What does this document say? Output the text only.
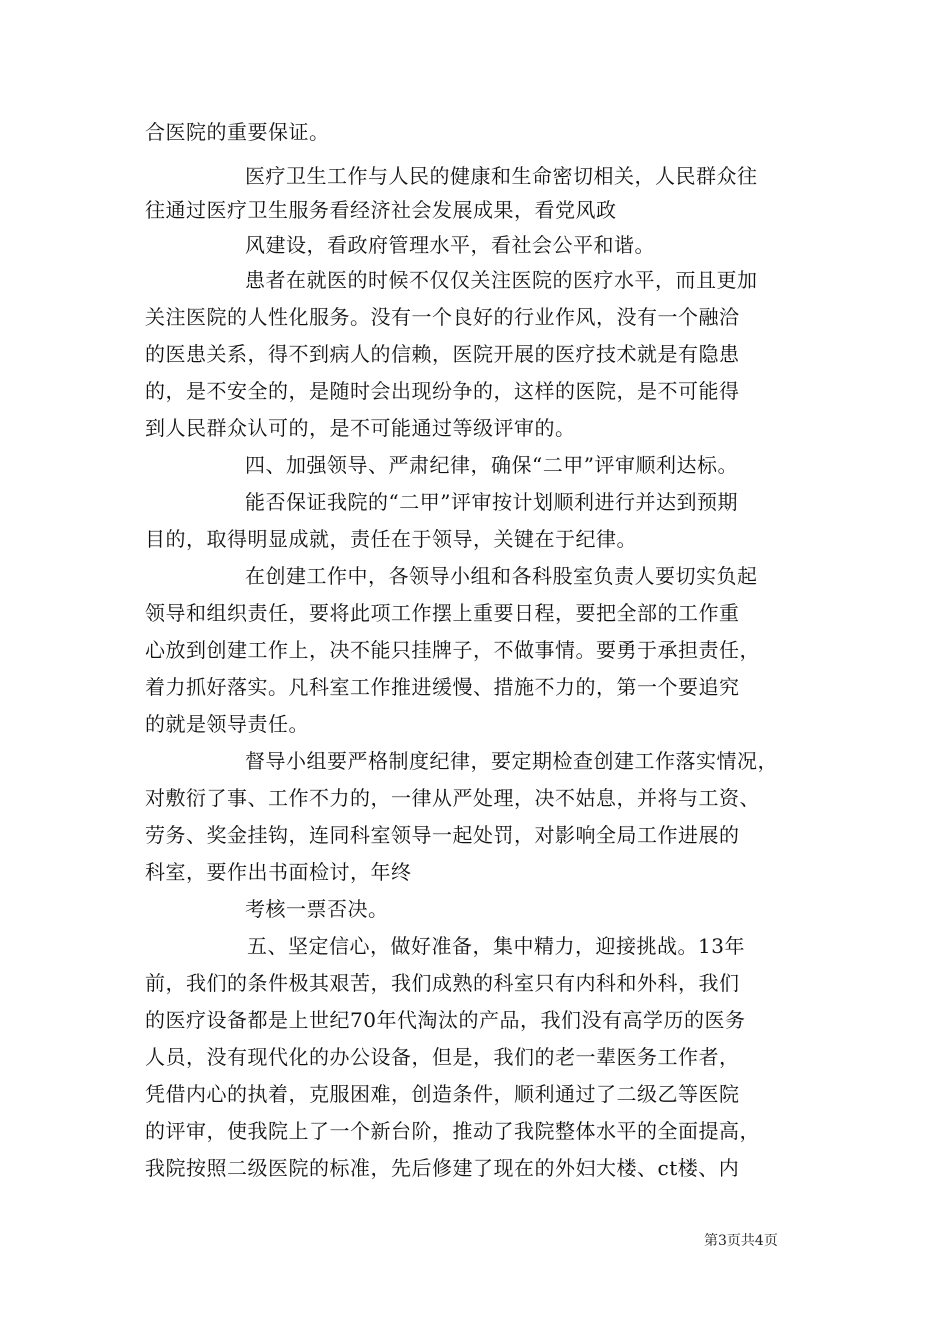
合医院的重要保证。
医疗卫生工作与人民的健康和生命密切相关，人民群众往
往通过医疗卫生服务看经济社会发展成果，看党风政
风建设，看政府管理水平，看社会公平和谐。
患者在就医的时候不仅仅关注医院的医疗水平，而且更加
关注医院的人性化服务。没有一个良好的行业作风，没有一个融洽
的医患关系，得不到病人的信赖，医院开展的医疗技术就是有隐患
的，是不安全的，是随时会出现纷争的，这样的医院，是不可能得
到人民群众认可的，是不可能通过等级评审的。
四、加强领导、严肃纪律，确保“二甲”评审顺利达标。
能否保证我院的“二甲”评审按计划顺利进行并达到预期
目的，取得明显成就，责任在于领导，关键在于纪律。
在创建工作中，各领导小组和各科股室负责人要切实负起
领导和组织责任，要将此项工作摆上重要日程，要把全部的工作重
心放到创建工作上，决不能只挂牌子，不做事情。要勇于承担责任，
着力抓好落实。凡科室工作推进缓慢、措施不力的，第一个要追究
的就是领导责任。
督导小组要严格制度纪律，要定期检查创建工作落实情况，
对敷衍了事、工作不力的，一律从严处理，决不姑息，并将与工资、
劳务、奖金挂钩，连同科室领导一起处罚，对影响全局工作进展的
科室，要作出书面检讨，年终
考核一票否决。
五、坚定信心，做好准备，集中精力，迎接挑战。13年
前，我们的条件极其艰苦，我们成熟的科室只有内科和外科，我们
的医疗设备都是上世纪70年代淘汰的产品，我们没有高学历的医务
人员，没有现代化的办公设备，但是，我们的老一辈医务工作者，
凭借内心的执着，克服困难，创造条件，顺利通过了二级乙等医院
的评审，使我院上了一个新台阶，推动了我院整体水平的全面提高，
我院按照二级医院的标准，先后修建了现在的外妇大楼、ct楼、内
第3页共4页
